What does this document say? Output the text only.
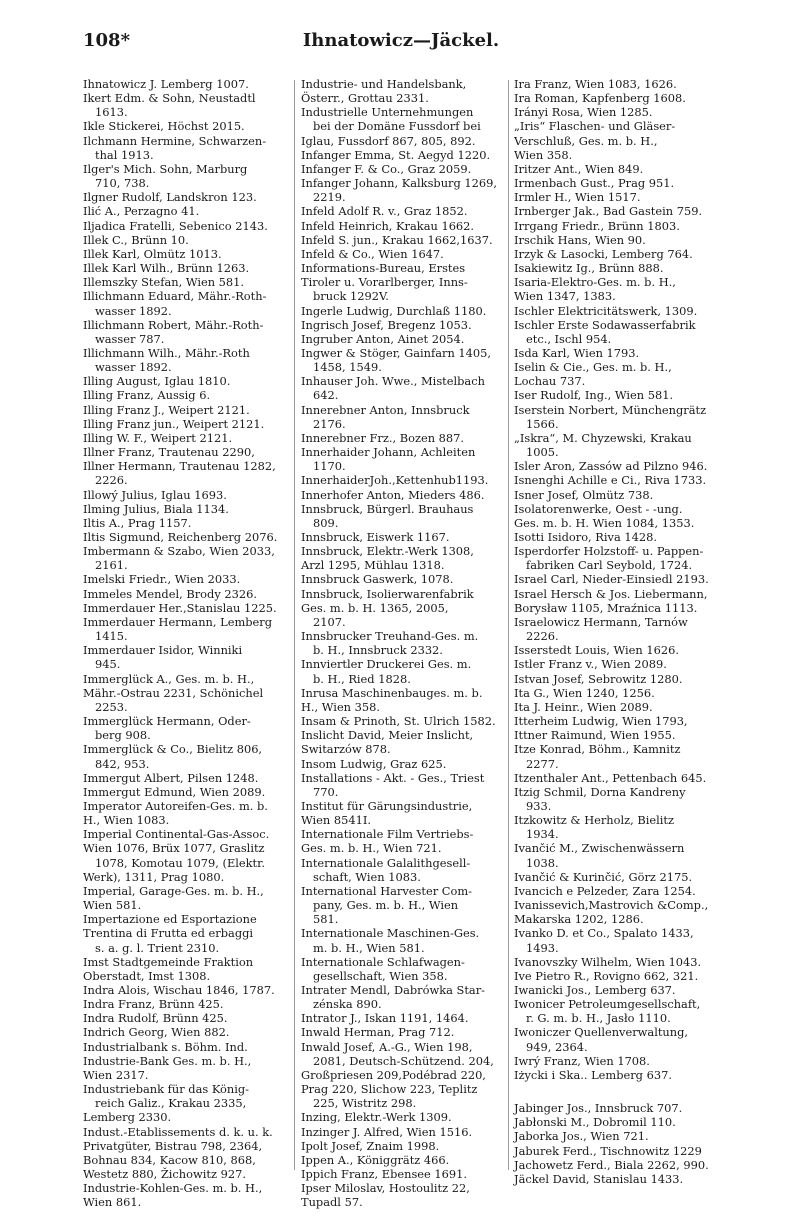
108*	Ihnatowicz—Jäckel.
Ihnatowicz J. Lemberg 1007.
Ikert Edm. & Sohn, Neustadtl
1613.
Ikle Stickerei, Höchst 2015.
Ilchmann Hermine, Schwarzen-
thal 1913.
Ilger's Mich. Sohn, Marburg
710, 738.
Ilgner Rudolf, Landskron 123.
Ilić A., Perzagno 41.
Iljadica Fratelli, Sebenico 2143.
Illek C., Brünn 10.
Illek Karl, Olmütz 1013.
Illek Karl Wilh., Brünn 1263.
Illemszky Stefan, Wien 581.
Illichmann Eduard, Mähr.-Roth-
wasser 1892.
Illichmann Robert, Mähr.-Roth-
wasser 787.
Illichmann Wilh., Mähr.-Roth
wasser 1892.
Illing August, Iglau 1810.
Illing Franz, Aussig 6.
Illing Franz J., Weipert 2121.
Illing Franz jun., Weipert 2121.
Illing W. F., Weipert 2121.
Illner Franz, Trautenau 2290,
Illner Hermann, Trautenau 1282,
2226.
Illowý Julius, Iglau 1693.
Ilming Julius, Biala 1134.
Iltis A., Prag 1157.
Iltis Sigmund, Reichenberg 2076.
Imbermann & Szabo, Wien 2033,
2161.
Imelski Friedr., Wien 2033.
Immeles Mendel, Brody 2326.
Immerdauer Her.,Stanislau 1225.
Immerdauer Hermann, Lemberg
1415.
Immerdauer Isidor, Winniki
945.
Immerglück A., Ges. m. b. H.,
Mähr.-Ostrau 2231, Schönichel
2253.
Immerglück Hermann, Oder-
berg 908.
Immerglück & Co., Bielitz 806,
842, 953.
Immergut Albert, Pilsen 1248.
Immergut Edmund, Wien 2089.
Imperator Autoreifen-Ges. m. b.
H., Wien 1083.
Imperial Continental-Gas-Assoc.
Wien 1076, Brüx 1077, Graslitz
1078, Komotau 1079, (Elektr.
Werk), 1311, Prag 1080.
Imperial, Garage-Ges. m. b. H.,
Wien 581.
Impertazione ed Esportazione
Trentina di Frutta ed erbaggi
s. a. g. l. Trient 2310.
Imst Stadtgemeinde Fraktion
Oberstadt, Imst 1308.
Indra Alois, Wischau 1846, 1787.
Indra Franz, Brünn 425.
Indra Rudolf, Brünn 425.
Indrich Georg, Wien 882.
Industrialbank s. Böhm. Ind.
Industrie-Bank Ges. m. b. H.,
Wien 2317.
Industriebank für das König-
reich Galiz., Krakau 2335,
Lemberg 2330.
Indust.-Etablissements d. k. u. k.
Privatgüter, Bistrau 798, 2364,
Bohnau 834, Kacow 810, 868,
Westetz 880, Žichowitz 927.
Industrie-Kohlen-Ges. m. b. H.,
Wien 861.
Industrie- und Handelsbank,
Österr., Grottau 2331.
Industrielle Unternehmungen
bei der Domäne Fussdorf bei
Iglau, Fussdorf 867, 805, 892.
Infanger Emma, St. Aegyd 1220.
Infanger F. & Co., Graz 2059.
Infanger Johann, Kalksburg 1269,
2219.
Infeld Adolf R. v., Graz 1852.
Infeld Heinrich, Krakau 1662.
Infeld S. jun., Krakau 1662,1637.
Infeld & Co., Wien 1647.
Informations-Bureau, Erstes
Tiroler u. Vorarlberger, Inns-
bruck 1292V.
Ingerle Ludwig, Durchlaß 1180.
Ingrisch Josef, Bregenz 1053.
Ingruber Anton, Ainet 2054.
Ingwer & Stöger, Gainfarn 1405,
1458, 1549.
Inhauser Joh. Wwe., Mistelbach
642.
Innerebner Anton, Innsbruck
2176.
Innerebner Frz., Bozen 887.
Innerhaider Johann, Achleiten
1170.
InnerhaiderJoh.,Kettenhub1193.
Innerhofer Anton, Mieders 486.
Innsbruck, Bürgerl. Brauhaus
809.
Innsbruck, Eiswerk 1167.
Innsbruck, Elektr.-Werk 1308,
Arzl 1295, Mühlau 1318.
Innsbruck Gaswerk, 1078.
Innsbruck, Isolierwarenfabrik
Ges. m. b. H. 1365, 2005,
2107.
Innsbrucker Treuhand-Ges. m.
b. H., Innsbruck 2332.
Innviertler Druckerei Ges. m.
b. H., Ried 1828.
Inrusa Maschinenbauges. m. b.
H., Wien 358.
Insam & Prinoth, St. Ulrich 1582.
Inslicht David, Meier Inslicht,
Switarzów 878.
Insom Ludwig, Graz 625.
Installations - Akt. - Ges., Triest
770.
Institut für Gärungsindustrie,
Wien 8541I.
Internationale Film Vertriebs-
Ges. m. b. H., Wien 721.
Internationale Galalithgesell-
schaft, Wien 1083.
International Harvester Com-
pany, Ges. m. b. H., Wien
581.
Internationale Maschinen-Ges.
m. b. H., Wien 581.
Internationale Schlafwagen-
gesellschaft, Wien 358.
Intrater Mendl, Dabrówka Star-
zénska 890.
Intrator J., Iskan 1191, 1464.
Inwald Herman, Prag 712.
Inwald Josef, A.-G., Wien 198,
2081, Deutsch-Schützend. 204,
Großpriesen 209,Podébrad 220,
Prag 220, Slichow 223, Teplitz
225, Wistritz 298.
Inzing, Elektr.-Werk 1309.
Inzinger J. Alfred, Wien 1516.
Ipolt Josef, Znaim 1998.
Ippen A., Königgrätz 466.
Ippich Franz, Ebensee 1691.
Ipser Miloslav, Hostoulitz 22,
Tupadl 57.
Ira Franz, Wien 1083, 1626.
Ira Roman, Kapfenberg 1608.
Irányi Rosa, Wien 1285.
„Iris“ Flaschen- und Gläser-
Verschluß, Ges. m. b. H.,
Wien 358.
Iritzer Ant., Wien 849.
Irmenbach Gust., Prag 951.
Irmler H., Wien 1517.
Irnberger Jak., Bad Gastein 759.
Irrgang Friedr., Brünn 1803.
Irschik Hans, Wien 90.
Irzyk & Lasocki, Lemberg 764.
Isakiewitz Ig., Brünn 888.
Isaria-Elektro-Ges. m. b. H.,
Wien 1347, 1383.
Ischler Elektricitätswerk, 1309.
Ischler Erste Sodawasserfabrik
etc., Ischl 954.
Isda Karl, Wien 1793.
Iselin & Cie., Ges. m. b. H.,
Lochau 737.
Iser Rudolf, Ing., Wien 581.
Iserstein Norbert, Münchengrätz
1566.
„Iskra“, M. Chyzewski, Krakau
1005.
Isler Aron, Zassów ad Pilzno 946.
Isnenghi Achille e Ci., Riva 1733.
Isner Josef, Olmütz 738.
Isolatorenwerke, Oest - -ung.
Ges. m. b. H. Wien 1084, 1353.
Isotti Isidoro, Riva 1428.
Isperdorfer Holzstoff- u. Pappen-
fabriken Carl Seybold, 1724.
Israel Carl, Nieder-Einsiedl 2193.
Israel Hersch & Jos. Liebermann,
Borysław 1105, Mraźnica 1113.
Israelowicz Hermann, Tarnów
2226.
Isserstedt Louis, Wien 1626.
Istler Franz v., Wien 2089.
Istvan Josef, Sebrowitz 1280.
Ita G., Wien 1240, 1256.
Ita J. Heinr., Wien 2089.
Itterheim Ludwig, Wien 1793,
Ittner Raimund, Wien 1955.
Itze Konrad, Böhm., Kamnitz
2277.
Itzenthaler Ant., Pettenbach 645.
Itzig Schmil, Dorna Kandreny
933.
Itzkowitz & Herholz, Bielitz
1934.
Ivančić M., Zwischenwässern
1038.
Ivančić & Kurinčić, Görz 2175.
Ivancich e Pelzeder, Zara 1254.
Ivanissevich,Mastrovich &Comp.,
Makarska 1202, 1286.
Ivanko D. et Co., Spalato 1433,
1493.
Ivanovszky Wilhelm, Wien 1043.
Ive Pietro R., Rovigno 662, 321.
Iwanicki Jos., Lemberg 637.
Iwonicer Petroleumgesellschaft,
r. G. m. b. H., Jasło 1110.
Iwoniczer Quellenverwaltung,
949, 2364.
Iwrý Franz, Wien 1708.
Iżycki i Ska.. Lemberg 637.
Jabinger Jos., Innsbruck 707.
Jabłonski M., Dobromil 110.
Jaborka Jos., Wien 721.
Jaburek Ferd., Tischnowitz 1229
Jachowetz Ferd., Biala 2262, 990.
Jäckel David, Stanislau 1433.
